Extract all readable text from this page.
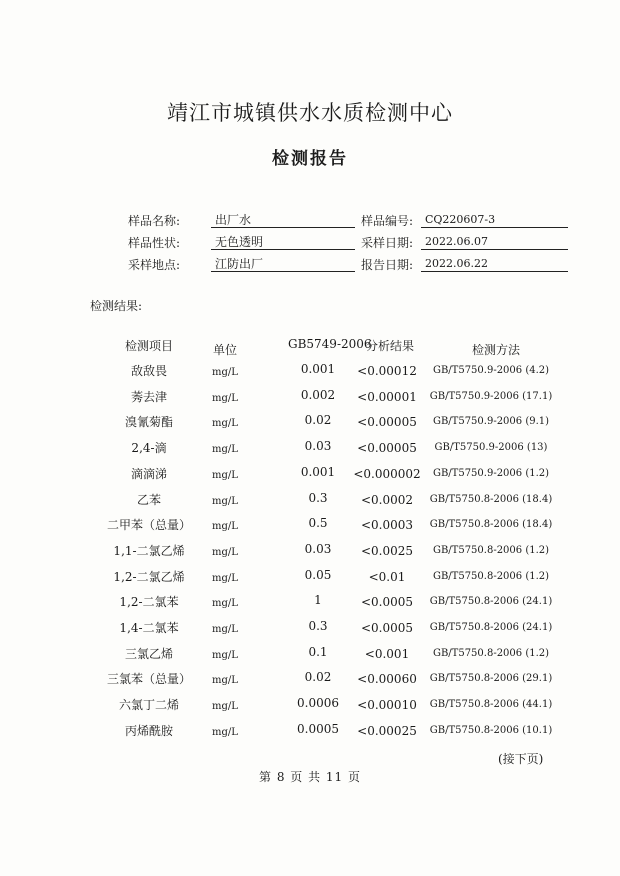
靖江市城镇供水水质检测中心
检测报告
样品名称:	出厂水	样品编号:	CQ220607-3
样品性状:	无色透明	采样日期:	2022.06.07
采样地点:	江防出厂	报告日期:	2022.06.22
检测结果:
检测项目	单位	GB5749-2006
分析结果	检测方法
敌敌畏	mg/L	0.001 <0.00012 GB/T5750.9-2006 (4.2)
莠去津	mg/L	0.002 <0.00001 GB/T5750.9-2006 (17.1)
溴氰菊酯	mg/L	0.02 <0.00005 GB/T5750.9-2006 (9.1)
2,4-滴	mg/L	0.03 <0.00005 GB/T5750.9-2006 (13)
滴滴涕	mg/L	0.001 <0.000002 GB/T5750.9-2006 (1.2)
乙苯	mg/L	0.3	<0.0002 GB/T5750.8-2006 (18.4)
二甲苯（总量） mg/L	0.5	<0.0003 GB/T5750.8-2006 (18.4)
1,1-二氯乙烯	mg/L	0.03 <0.0025 GB/T5750.8-2006 (1.2)
1,2-二氯乙烯	mg/L	0.05	<0.01	GB/T5750.8-2006 (1.2)
1,2-二氯苯	mg/L	1	<0.0005 GB/T5750.8-2006 (24.1)
1,4-二氯苯	mg/L	0.3	<0.0005 GB/T5750.8-2006 (24.1)
三氯乙烯	mg/L	0.1	<0.001 GB/T5750.8-2006 (1.2)
三氯苯（总量） mg/L	0.02 <0.00060 GB/T5750.8-2006 (29.1)
六氯丁二烯	mg/L	0.0006 <0.00010 GB/T5750.8-2006 (44.1)
丙烯酰胺	mg/L	0.0005 <0.00025 GB/T5750.8-2006 (10.1)
(接下页)
第 8 页 共 11 页
